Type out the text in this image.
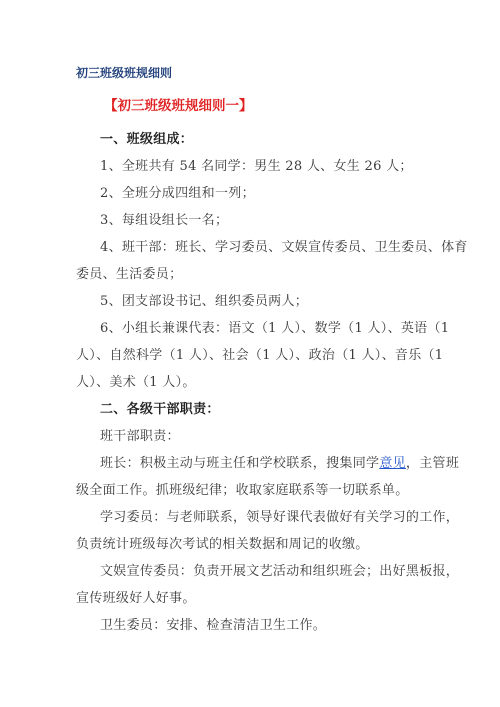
初三班级班规细则
【初三班级班规细则一】
一、班级组成：
1、全班共有 54 名同学：男生 28 人、女生 26 人；
2、全班分成四组和一列；
3、每组设组长一名；
4、班干部：班长、学习委员、文娱宣传委员、卫生委员、体育
委员、生活委员；
5、团支部设书记、组织委员两人；
6、小组长兼课代表：语文（1 人）、数学（1 人）、英语（1
人）、自然科学（1 人）、社会（1 人）、政治（1 人）、音乐（1
人）、美术（1 人）。
二、各级干部职责：
班干部职责：
班长：积极主动与班主任和学校联系，搜集同学意见，主管班
级全面工作。抓班级纪律；收取家庭联系等一切联系单。
学习委员：与老师联系，领导好课代表做好有关学习的工作，
负责统计班级每次考试的相关数据和周记的收缴。
文娱宣传委员：负责开展文艺活动和组织班会；出好黑板报，
宣传班级好人好事。
卫生委员：安排、检查清洁卫生工作。
